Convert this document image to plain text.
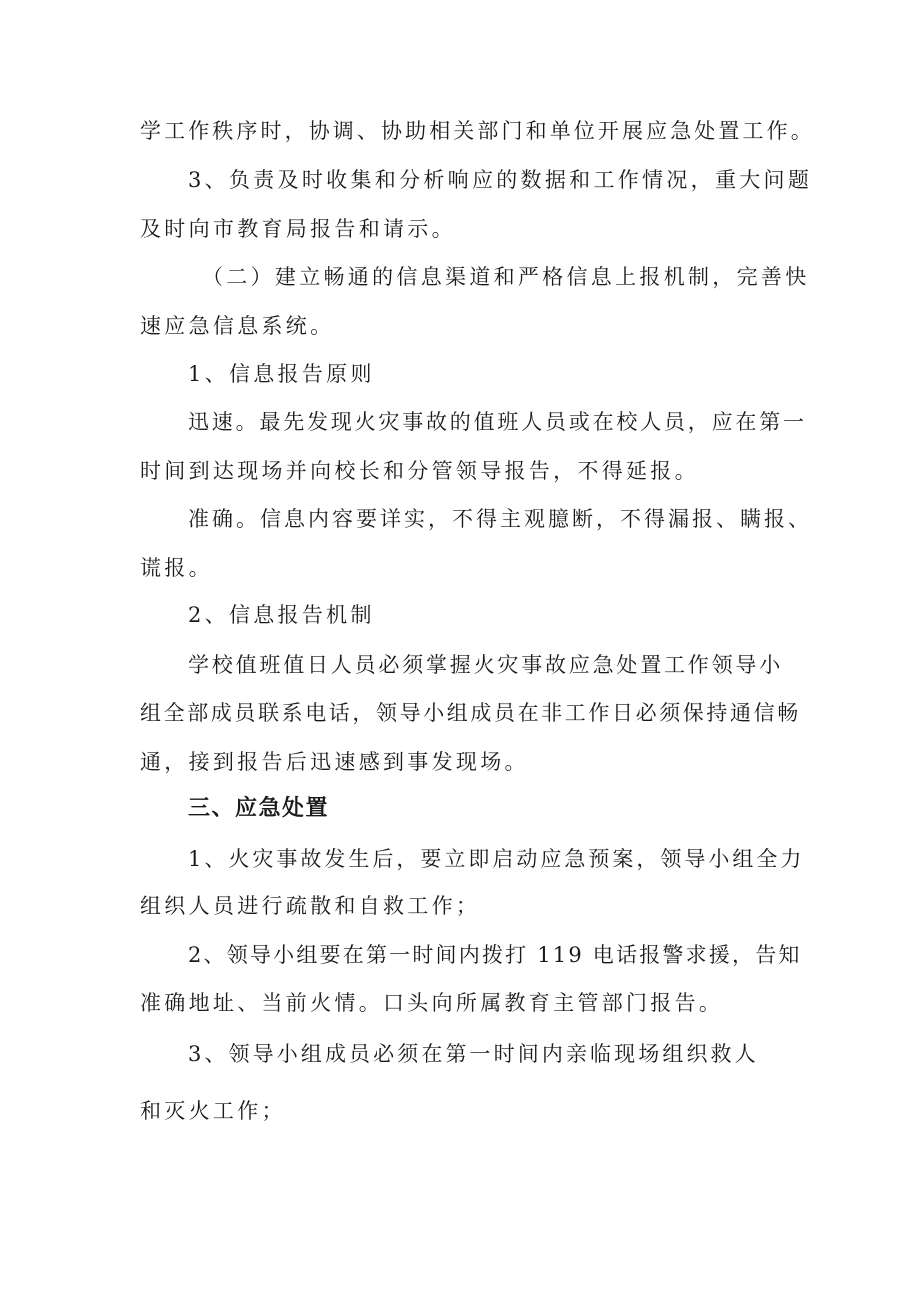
学工作秩序时，协调、协助相关部门和单位开展应急处置工作。
3、负责及时收集和分析响应的数据和工作情况，重大问题
及时向市教育局报告和请示。
（二）建立畅通的信息渠道和严格信息上报机制，完善快
速应急信息系统。
1、信息报告原则
迅速。最先发现火灾事故的值班人员或在校人员，应在第一
时间到达现场并向校长和分管领导报告，不得延报。
准确。信息内容要详实，不得主观臆断，不得漏报、瞒报、
谎报。
2、信息报告机制
学校值班值日人员必须掌握火灾事故应急处置工作领导小
组全部成员联系电话，领导小组成员在非工作日必须保持通信畅
通，接到报告后迅速感到事发现场。
三、应急处置
1、火灾事故发生后，要立即启动应急预案，领导小组全力
组织人员进行疏散和自救工作；
2、领导小组要在第一时间内拨打 119 电话报警求援，告知
准确地址、当前火情。口头向所属教育主管部门报告。
3、领导小组成员必须在第一时间内亲临现场组织救人
和灭火工作；
